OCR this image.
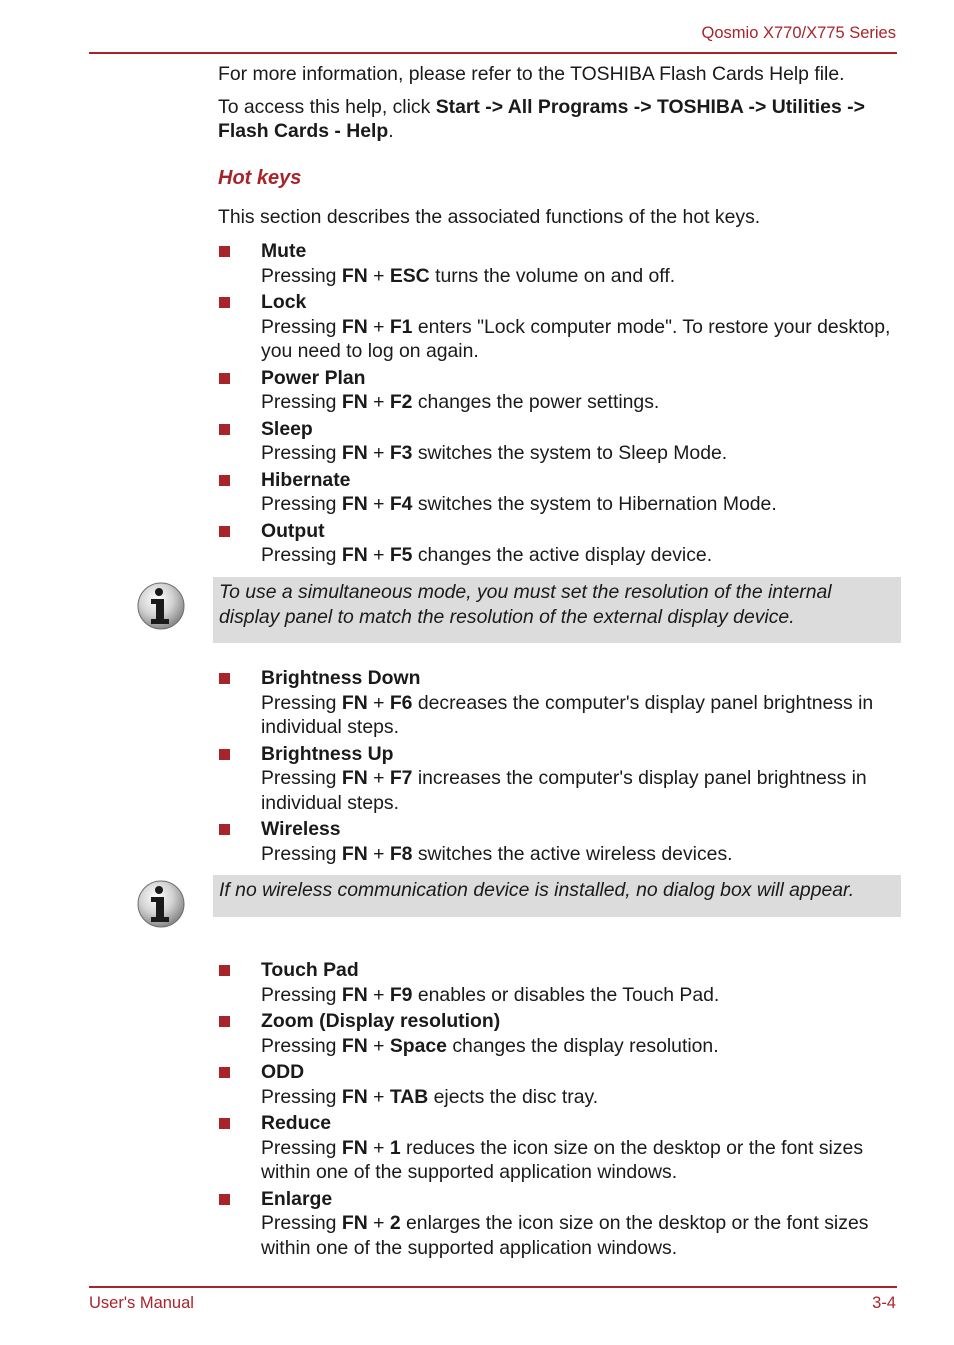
Qosmio X770/X775 Series

For more information, please refer to the TOSHIBA Flash Cards Help file.

To access this help, click Start -> All Programs -> TOSHIBA -> Utilities -> Flash Cards - Help.

Hot keys
This section describes the associated functions of the hot keys.
Mute
Pressing FN + ESC turns the volume on and off.
Lock
Pressing FN + F1 enters "Lock computer mode". To restore your desktop, you need to log on again.
Power Plan
Pressing FN + F2 changes the power settings.
Sleep
Pressing FN + F3 switches the system to Sleep Mode.
Hibernate
Pressing FN + F4 switches the system to Hibernation Mode.
Output
Pressing FN + F5 changes the active display device.
To use a simultaneous mode, you must set the resolution of the internal display panel to match the resolution of the external display device.
Brightness Down
Pressing FN + F6 decreases the computer's display panel brightness in individual steps.
Brightness Up
Pressing FN + F7 increases the computer's display panel brightness in individual steps.
Wireless
Pressing FN + F8 switches the active wireless devices.
If no wireless communication device is installed, no dialog box will appear.
Touch Pad
Pressing FN + F9 enables or disables the Touch Pad.
Zoom (Display resolution)
Pressing FN + Space changes the display resolution.
ODD
Pressing FN + TAB ejects the disc tray.
Reduce
Pressing FN + 1 reduces the icon size on the desktop or the font sizes within one of the supported application windows.
Enlarge
Pressing FN + 2 enlarges the icon size on the desktop or the font sizes within one of the supported application windows.
User's Manual	3-4
